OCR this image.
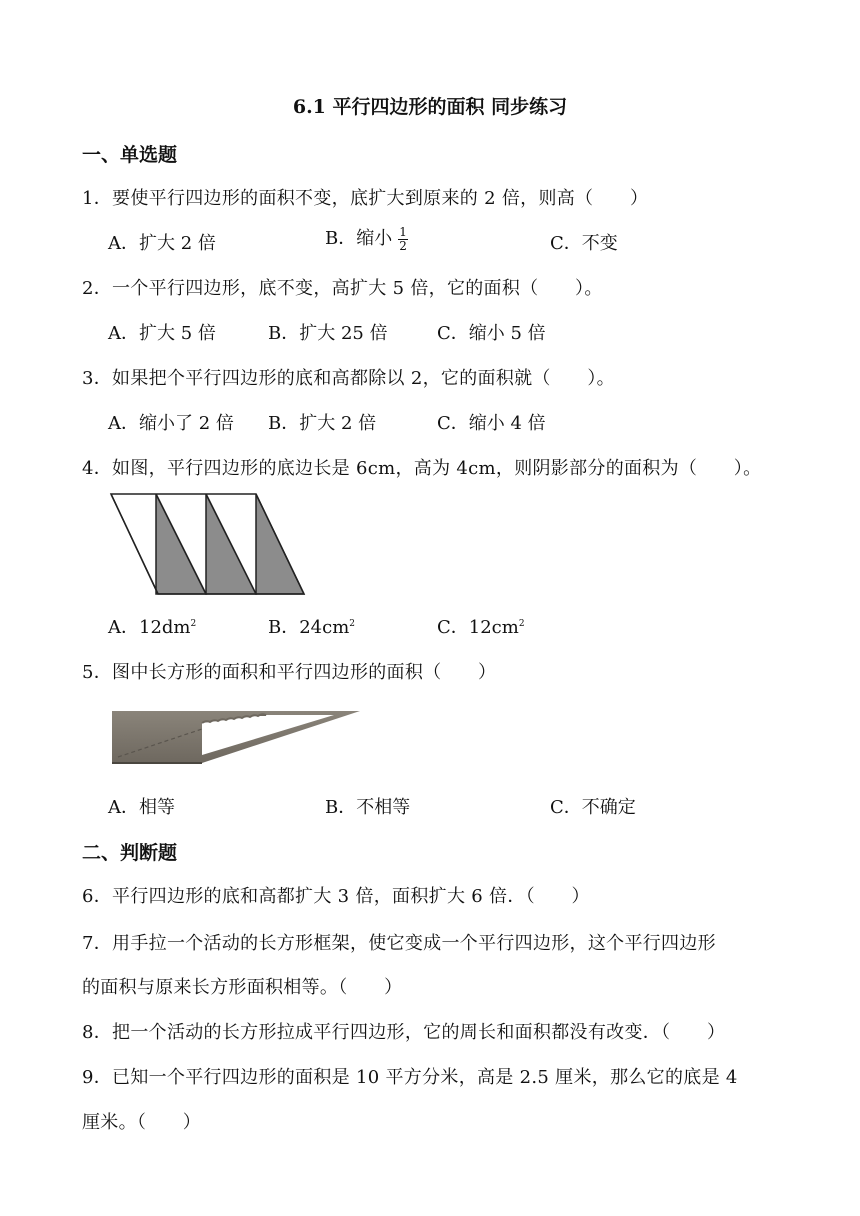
6.1 平行四边形的面积 同步练习
一、单选题
1．要使平行四边形的面积不变，底扩大到原来的 2 倍，则高（　　）
A．扩大 2 倍	B．缩小 $\frac{1}{2}$	C．不变
2．一个平行四边形，底不变，高扩大 5 倍，它的面积（　　）。
A．扩大 5 倍	B．扩大 25 倍	C．缩小 5 倍
3．如果把个平行四边形的底和高都除以 2，它的面积就（　　）。
A．缩小了 2 倍 B．扩大 2 倍	C．缩小 4 倍
4．如图，平行四边形的底边长是 6cm，高为 4cm，则阴影部分的面积为（　　）。
A．$12dm^2$	B．$24cm^2$	C．$12cm^2$
5．图中长方形的面积和平行四边形的面积（　　）
A．相等	B．不相等	C．不确定
二、判断题
6．平行四边形的底和高都扩大 3 倍，面积扩大 6 倍．（　　）
7．用手拉一个活动的长方形框架，使它变成一个平行四边形，这个平行四边形
的面积与原来长方形面积相等。（　　）
8．把一个活动的长方形拉成平行四边形，它的周长和面积都没有改变．（　　）
9．已知一个平行四边形的面积是 10 平方分米，高是 2.5 厘米，那么它的底是 4
厘米。（　　）
